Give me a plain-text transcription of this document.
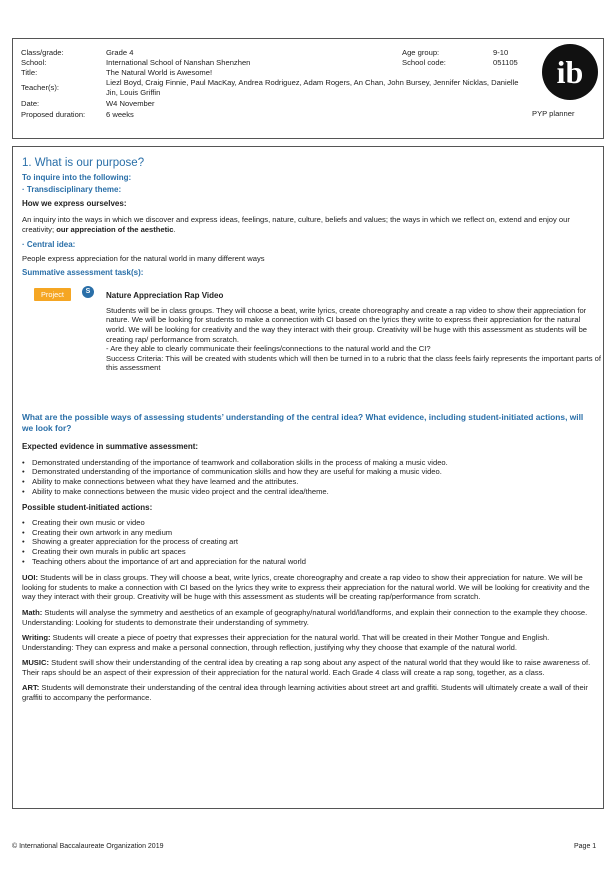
Class/grade:	Grade 4
School:	International School of Nanshan Shenzhen
Title:	The Natural World is Awesome!
Teacher(s):
Liezl Boyd, Craig Finnie, Paul MacKay, Andrea Rodriguez, Adam Rogers, An Chan, John Bursey, Jennifer Nicklas, Danielle Jin, Louis Griffin
Date:	W4 November
Proposed duration:	6 weeks
Age group:	9-10
School code:	051105 ib
PYP planner
1. What is our purpose?
To inquire into the following:
· Transdisciplinary theme:
How we express ourselves:

An inquiry into the ways in which we discover and express ideas, feelings, nature, culture, beliefs and values; the ways in which we reflect on, extend and enjoy our creativity; our appreciation of the aesthetic.

· Central idea:

People express appreciation for the natural world in many different ways

Summative assessment task(s):
Project	S	Nature Appreciation Rap Video

Students will be in class groups. They will choose a beat, write lyrics, create choreography and create a rap video to show their appreciation for nature. We will be looking for students to make a connection with CI based on the lyrics they write to express their appreciation for the natural world. We will be looking for creativity and the way they interact with their group. Creativity will be huge with this assessment as students will be creating rap/ performance from scratch.

- Are they able to clearly communicate their feelings/connections to the natural world and the CI?

Success Criteria: This will be created with students which will then be turned in to a rubric that the class feels fairly represents the important parts of this assessment

What are the possible ways of assessing students’ understanding of the central idea? What evidence, including student-initiated actions, will we look for?
Expected evidence in summative assessment:
• Demonstrated understanding of the importance of teamwork and collaboration skills in the process of making a music video.
• Demonstrated understanding of the importance of communication skills and how they are useful for making a music video.
• Ability to make connections between what they have learned and the attributes.
• Ability to make connections between the music video project and the central idea/theme.
Possible student-initiated actions:
• Creating their own music or video
• Creating their own artwork in any medium
• Showing a greater appreciation for the process of creating art
• Creating their own murals in public art spaces
• Teaching others about the importance of art and appreciation for the natural world

UOI: Students will be in class groups. They will choose a beat, write lyrics, create choreography and create a rap video to show their appreciation for nature. We will be looking for students to make a connection with CI based on the lyrics they write to express their appreciation for the natural world. We will be looking for creativity and the way they interact with their group. Creativity will be huge with this assessment as students will be creating rap/performance from scratch.

Math: Students will analyse the symmetry and aesthetics of an example of geography/natural world/landforms, and explain their connection to the example they choose. Understanding: Looking for students to demonstrate their understanding of symmetry.

Writing: Students will create a piece of poetry that expresses their appreciation for the natural world. That will be created in their Mother Tongue and English. Understanding: They can express and make a personal connection, through reflection, justifying why they choose that example of the natural world.

MUSIC: Student swill show their understanding of the central idea by creating a rap song about any aspect of the natural world that they would like to raise awareness of. Their raps should be an aspect of their expression of their appreciation for the natural world. Each Grade 4 class will create a rap song, together, as a class.

ART: Students will demonstrate their understanding of the central idea through learning activities about street art and graffiti. Students will ultimately create a wall of their graffiti to accompany the performance.

© International Baccalaureate Organization 2019	Page 1
